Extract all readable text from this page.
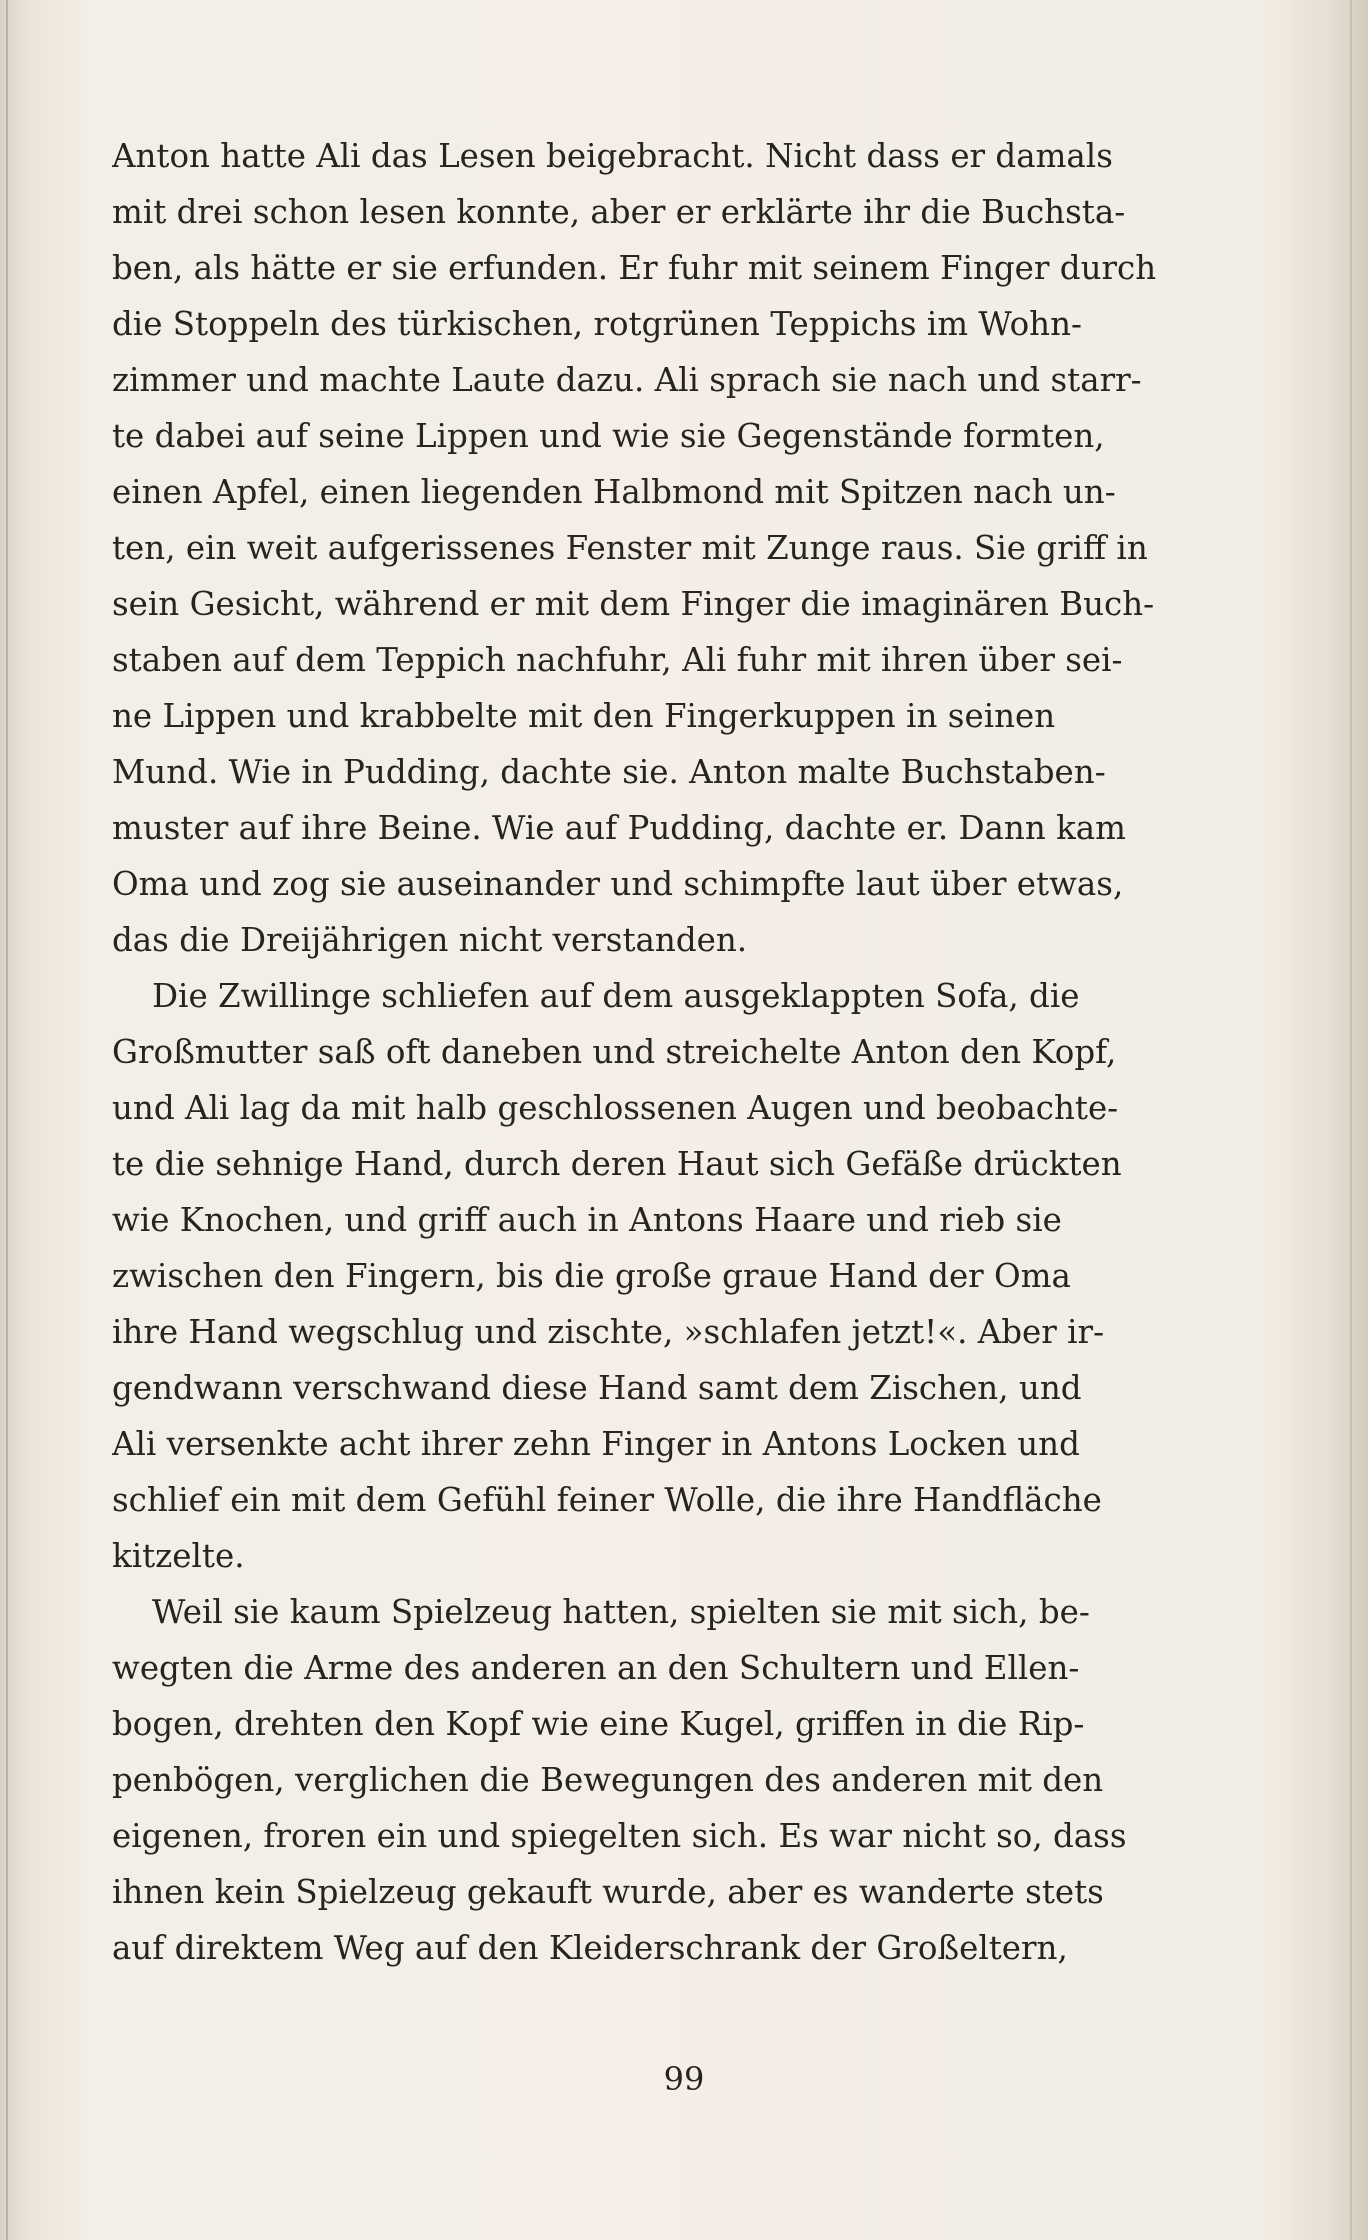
Anton hatte Ali das Lesen beigebracht. Nicht dass er damals
mit drei schon lesen konnte, aber er erklärte ihr die Buchsta-
ben, als hätte er sie erfunden. Er fuhr mit seinem Finger durch
die Stoppeln des türkischen, rotgrünen Teppichs im Wohn-
zimmer und machte Laute dazu. Ali sprach sie nach und starr-
te dabei auf seine Lippen und wie sie Gegenstände formten,
einen Apfel, einen liegenden Halbmond mit Spitzen nach un-
ten, ein weit aufgerissenes Fenster mit Zunge raus. Sie griff in
sein Gesicht, während er mit dem Finger die imaginären Buch-
staben auf dem Teppich nachfuhr, Ali fuhr mit ihren über sei-
ne Lippen und krabbelte mit den Fingerkuppen in seinen
Mund. Wie in Pudding, dachte sie. Anton malte Buchstaben-
muster auf ihre Beine. Wie auf Pudding, dachte er. Dann kam
Oma und zog sie auseinander und schimpfte laut über etwas,
das die Dreijährigen nicht verstanden.
Die Zwillinge schliefen auf dem ausgeklappten Sofa, die
Großmutter saß oft daneben und streichelte Anton den Kopf,
und Ali lag da mit halb geschlossenen Augen und beobachte-
te die sehnige Hand, durch deren Haut sich Gefäße drückten
wie Knochen, und griff auch in Antons Haare und rieb sie
zwischen den Fingern, bis die große graue Hand der Oma
ihre Hand wegschlug und zischte, »schlafen jetzt!«. Aber ir-
gendwann verschwand diese Hand samt dem Zischen, und
Ali versenkte acht ihrer zehn Finger in Antons Locken und
schlief ein mit dem Gefühl feiner Wolle, die ihre Handfläche
kitzelte.
Weil sie kaum Spielzeug hatten, spielten sie mit sich, be-
wegten die Arme des anderen an den Schultern und Ellen-
bogen, drehten den Kopf wie eine Kugel, griffen in die Rip-
penbögen, verglichen die Bewegungen des anderen mit den
eigenen, froren ein und spiegelten sich. Es war nicht so, dass
ihnen kein Spielzeug gekauft wurde, aber es wanderte stets
auf direktem Weg auf den Kleiderschrank der Großeltern,
99
